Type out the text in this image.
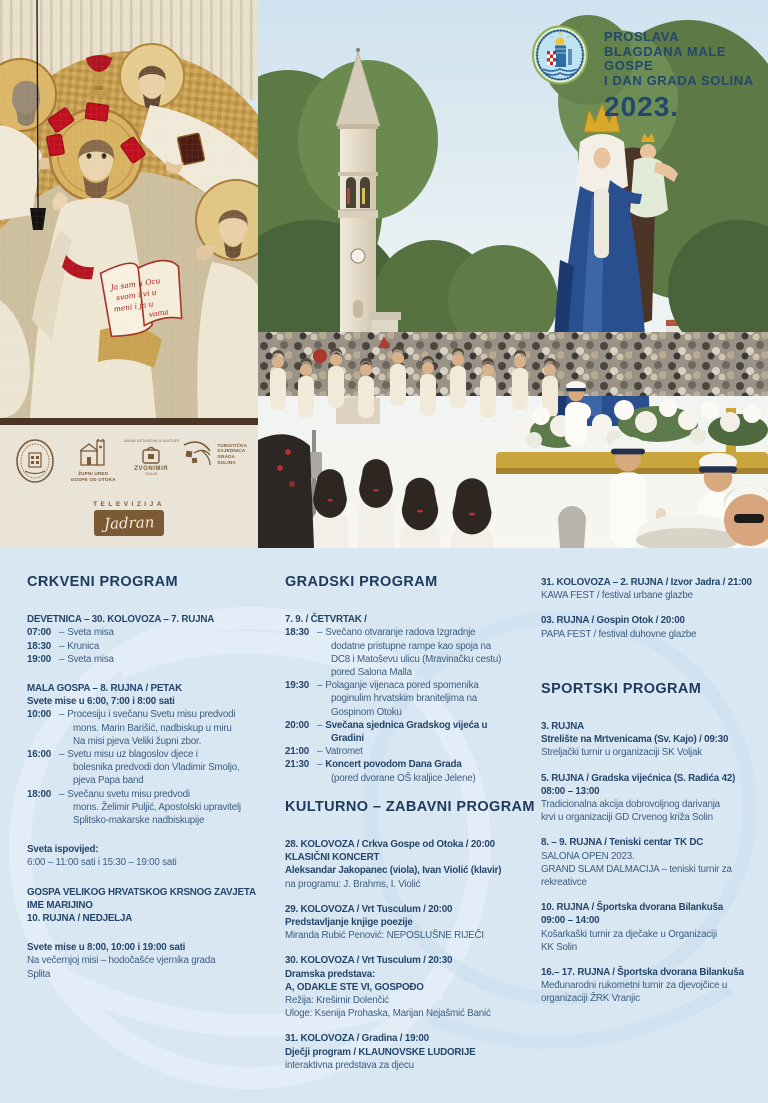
ŽUPNI URED
GOSPE OD OTOKA
JAVNA USTANOVA U KULTURI
ZVONIMIR
SOLIN
TURISTIČKA
ZAJEDNICA
GRADA
SOLINA
TELEVIZIJA
Jadran
PROSLAVA
BLAGDANA MALE GOSPE
I DAN GRADA SOLINA
2023.
CRKVENI PROGRAM
DEVETNICA – 30. KOLOVOZA – 7. RUJNA
07:00 – Sveta misa
18:30 – Krunica
19:00 – Sveta misa
MALA GOSPA – 8. RUJNA / PETAK
Svete mise u 6:00, 7:00 i 8:00 sati
10:00 – Procesiju i svečanu Svetu misu predvodi
mons. Marin Barišić, nadbiskup u miru
Na misi pjeva Veliki župni zbor.
16:00 – Svetu misu uz blagoslov djece i
bolesnika predvodi don Vladimir Smoljo,
pjeva Papa band
18:00 – Svečanu svetu misu predvodi
mons. Želimir Puljić, Apostolski upravitelj
Splitsko-makarske nadbiskupije
Sveta ispovijed:
6:00 – 11:00 sati i 15:30 – 19:00 sati
GOSPA VELIKOG HRVATSKOG KRSNOG ZAVJETA
IME MARIJINO
10. RUJNA / NEDJELJA
Svete mise u 8:00, 10:00 i 19:00 sati
Na večernjoj misi – hodočašće vjernika grada
Splita
GRADSKI PROGRAM
7. 9. / ČETVRTAK /
18:30 – Svečano otvaranje radova Izgradnje
dodatne pristupne rampe kao spoja na
DC8 i Matoševu ulicu (Mravinačku cestu)
pored Salona Malla
19:30 – Polaganje vijenaca pored spomenika
poginulim hrvatskim braniteljima na
Gospinom Otoku
20:00 – Svečana sjednica Gradskog vijeća u
Gradini
21:00 – Vatromet
21:30 – Koncert povodom Dana Grada
(pored dvorane OŠ kraljice Jelene)
KULTURNO – ZABAVNI PROGRAM
28. KOLOVOZA / Crkva Gospe od Otoka / 20:00
KLASIČNI KONCERT
Aleksandar Jakopanec (viola), Ivan Violić (klavir)
na programu: J. Brahms, I. Violić
29. KOLOVOZA / Vrt Tusculum / 20:00
Predstavljanje knjige poezije
Miranda Rubić Penović: NEPOSLUŠNE RIJEČI
30. KOLOVOZA / Vrt Tusculum / 20:30
Dramska predstava:
A, ODAKLE STE VI, GOSPOĐO
Režija: Krešimir Dolenčić
Uloge: Ksenija Prohaska, Marijan Nejašmić Banić
31. KOLOVOZA / Gradina / 19:00
Dječji program / KLAUNOVSKE LUDORIJE
interaktivna predstava za djecu
31. KOLOVOZA – 2. RUJNA / Izvor Jadra / 21:00
KAWA FEST / festival urbane glazbe
03. RUJNA / Gospin Otok / 20:00
PAPA FEST / festival duhovne glazbe
SPORTSKI PROGRAM
3. RUJNA
Strelište na Mrtvenicama (Sv. Kajo) / 09:30
Streljački turnir u organizaciji SK Voljak
5. RUJNA / Gradska vijećnica (S. Radića 42)
08:00 – 13:00
Tradicionalna akcija dobrovoljnog darivanja
krvi u organizaciji GD Crvenog križa Solin
8. – 9. RUJNA / Teniski centar TK DC
SALONA OPEN 2023.
GRAND SLAM DALMACIJA – teniski turnir za
rekreativce
10. RUJNA / Športska dvorana Bilankuša
09:00 – 14:00
Košarkaški turnir za dječake u Organizaciji
KK Solin
16.– 17. RUJNA / Športska dvorana Bilankuša
Međunarodni rukometni turnir za djevojčice u
organizaciji ŽRK Vranjic
